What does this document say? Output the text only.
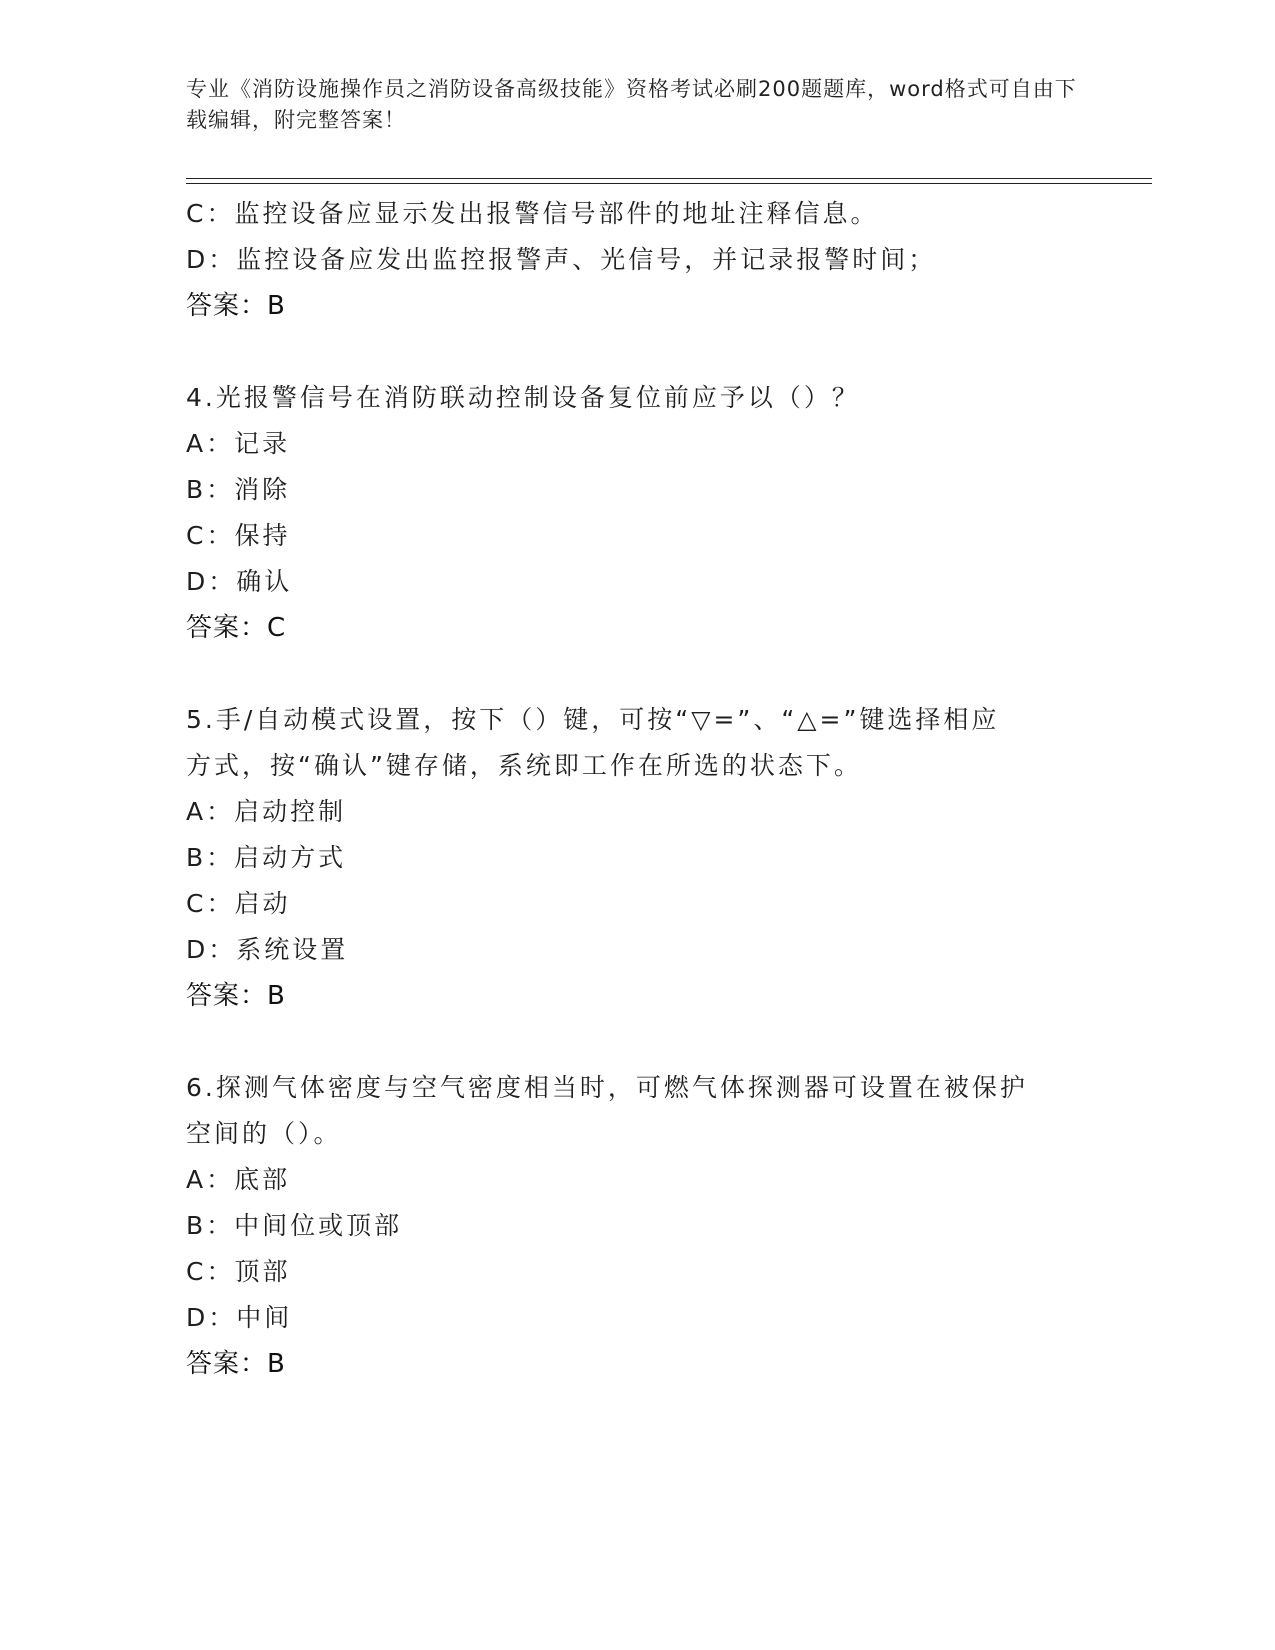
专业《消防设施操作员之消防设备高级技能》资格考试必刷200题题库，word格式可自由下载编辑，附完整答案！
C：监控设备应显示发出报警信号部件的地址注释信息。
D：监控设备应发出监控报警声、光信号，并记录报警时间；
答案：B
4.光报警信号在消防联动控制设备复位前应予以（）？
A：记录
B：消除
C：保持
D：确认
答案：C
5.手/自动模式设置，按下（）键，可按“▽=”、“△=”键选择相应
方式，按“确认”键存储，系统即工作在所选的状态下。
A：启动控制
B：启动方式
C：启动
D：系统设置
答案：B
6.探测气体密度与空气密度相当时，可燃气体探测器可设置在被保护
空间的（）。
A：底部
B：中间位或顶部
C：顶部
D：中间
答案：B
